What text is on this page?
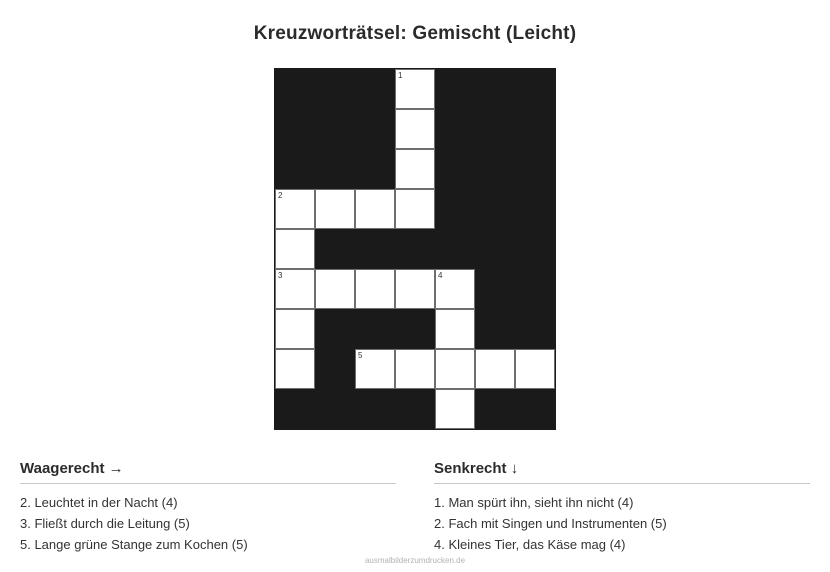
Kreuzworträtsel: Gemischt (Leicht)
1
2
3	4
5
Waagerecht →
2. Leuchtet in der Nacht (4)
3. Fließt durch die Leitung (5)
5. Lange grüne Stange zum Kochen (5)
Senkrecht ↓
1. Man spürt ihn, sieht ihn nicht (4)
2. Fach mit Singen und Instrumenten (5)
4. Kleines Tier, das Käse mag (4)
ausmalbilderzumdrucken.de
